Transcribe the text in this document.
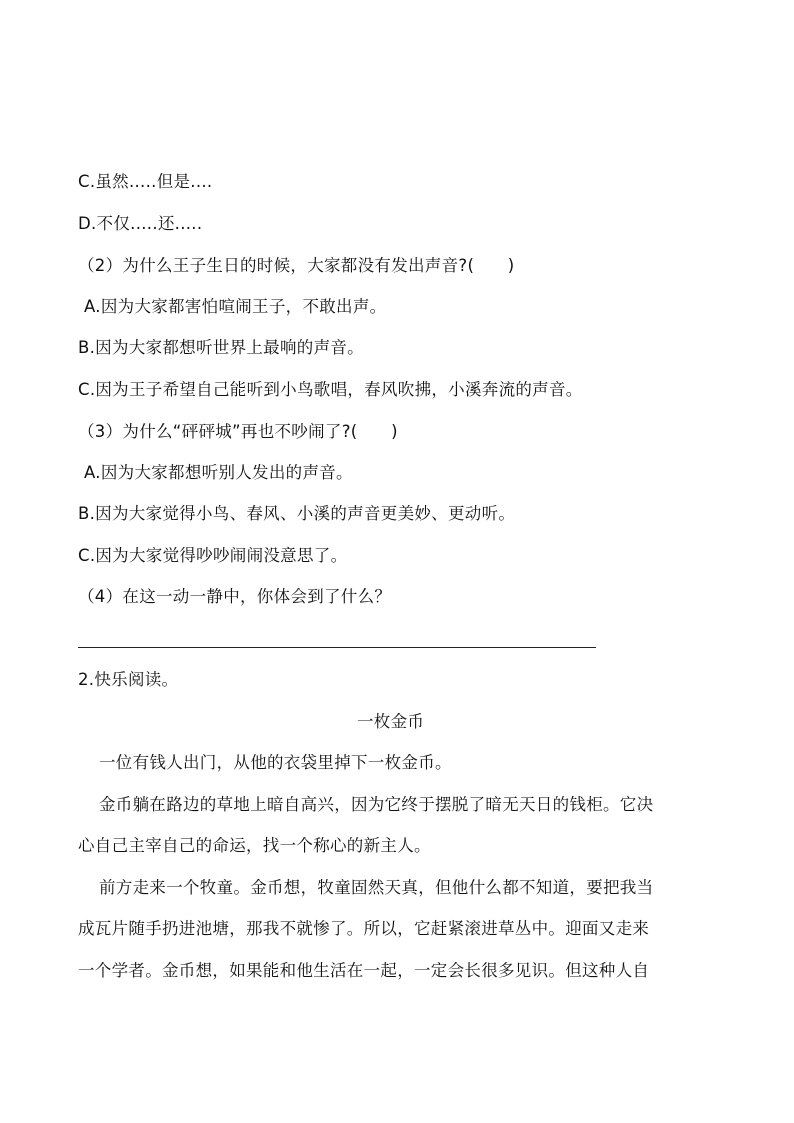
C.虽然.....但是....
D.不仅.....还.....
（2）为什么王子生日的时候，大家都没有发出声音?(　　)
A.因为大家都害怕喧闹王子，不敢出声。
B.因为大家都想听世界上最响的声音。
C.因为王子希望自己能听到小鸟歌唱，春风吹拂，小溪奔流的声音。
（3）为什么“砰砰城”再也不吵闹了?(　　)
A.因为大家都想听别人发出的声音。
B.因为大家觉得小鸟、春风、小溪的声音更美妙、更动听。
C.因为大家觉得吵吵闹闹没意思了。
（4）在这一动一静中，你体会到了什么？
2.快乐阅读。
一枚金币
一位有钱人出门，从他的衣袋里掉下一枚金币。
金币躺在路边的草地上暗自高兴，因为它终于摆脱了暗无天日的钱柜。它决
心自己主宰自己的命运，找一个称心的新主人。
前方走来一个牧童。金币想，牧童固然天真，但他什么都不知道，要把我当
成瓦片随手扔进池塘，那我不就惨了。所以，它赶紧滚进草丛中。迎面又走来
一个学者。金币想，如果能和他生活在一起，一定会长很多见识。但这种人自
